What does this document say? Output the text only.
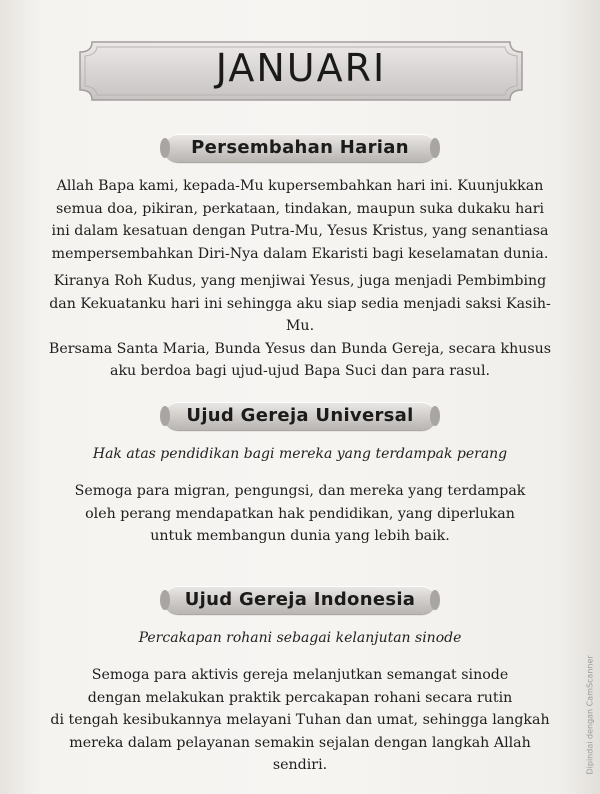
JANUARI
Persembahan Harian
Allah Bapa kami, kepada-Mu kupersembahkan hari ini. Kuunjukkan
semua doa, pikiran, perkataan, tindakan, maupun suka dukaku hari
ini dalam kesatuan dengan Putra-Mu, Yesus Kristus, yang senantiasa
mempersembahkan Diri-Nya dalam Ekaristi bagi keselamatan dunia.
Kiranya Roh Kudus, yang menjiwai Yesus, juga menjadi Pembimbing
dan Kekuatanku hari ini sehingga aku siap sedia menjadi saksi Kasih-Mu.
Bersama Santa Maria, Bunda Yesus dan Bunda Gereja, secara khusus
aku berdoa bagi ujud-ujud Bapa Suci dan para rasul.
Ujud Gereja Universal
Hak atas pendidikan bagi mereka yang terdampak perang
Semoga para migran, pengungsi, dan mereka yang terdampak
oleh perang mendapatkan hak pendidikan, yang diperlukan
untuk membangun dunia yang lebih baik.
Ujud Gereja Indonesia
Percakapan rohani sebagai kelanjutan sinode
Semoga para aktivis gereja melanjutkan semangat sinode
dengan melakukan praktik percakapan rohani secara rutin
di tengah kesibukannya melayani Tuhan dan umat, sehingga langkah
mereka dalam pelayanan semakin sejalan dengan langkah Allah sendiri.	Dipindai dengan CamScanner
